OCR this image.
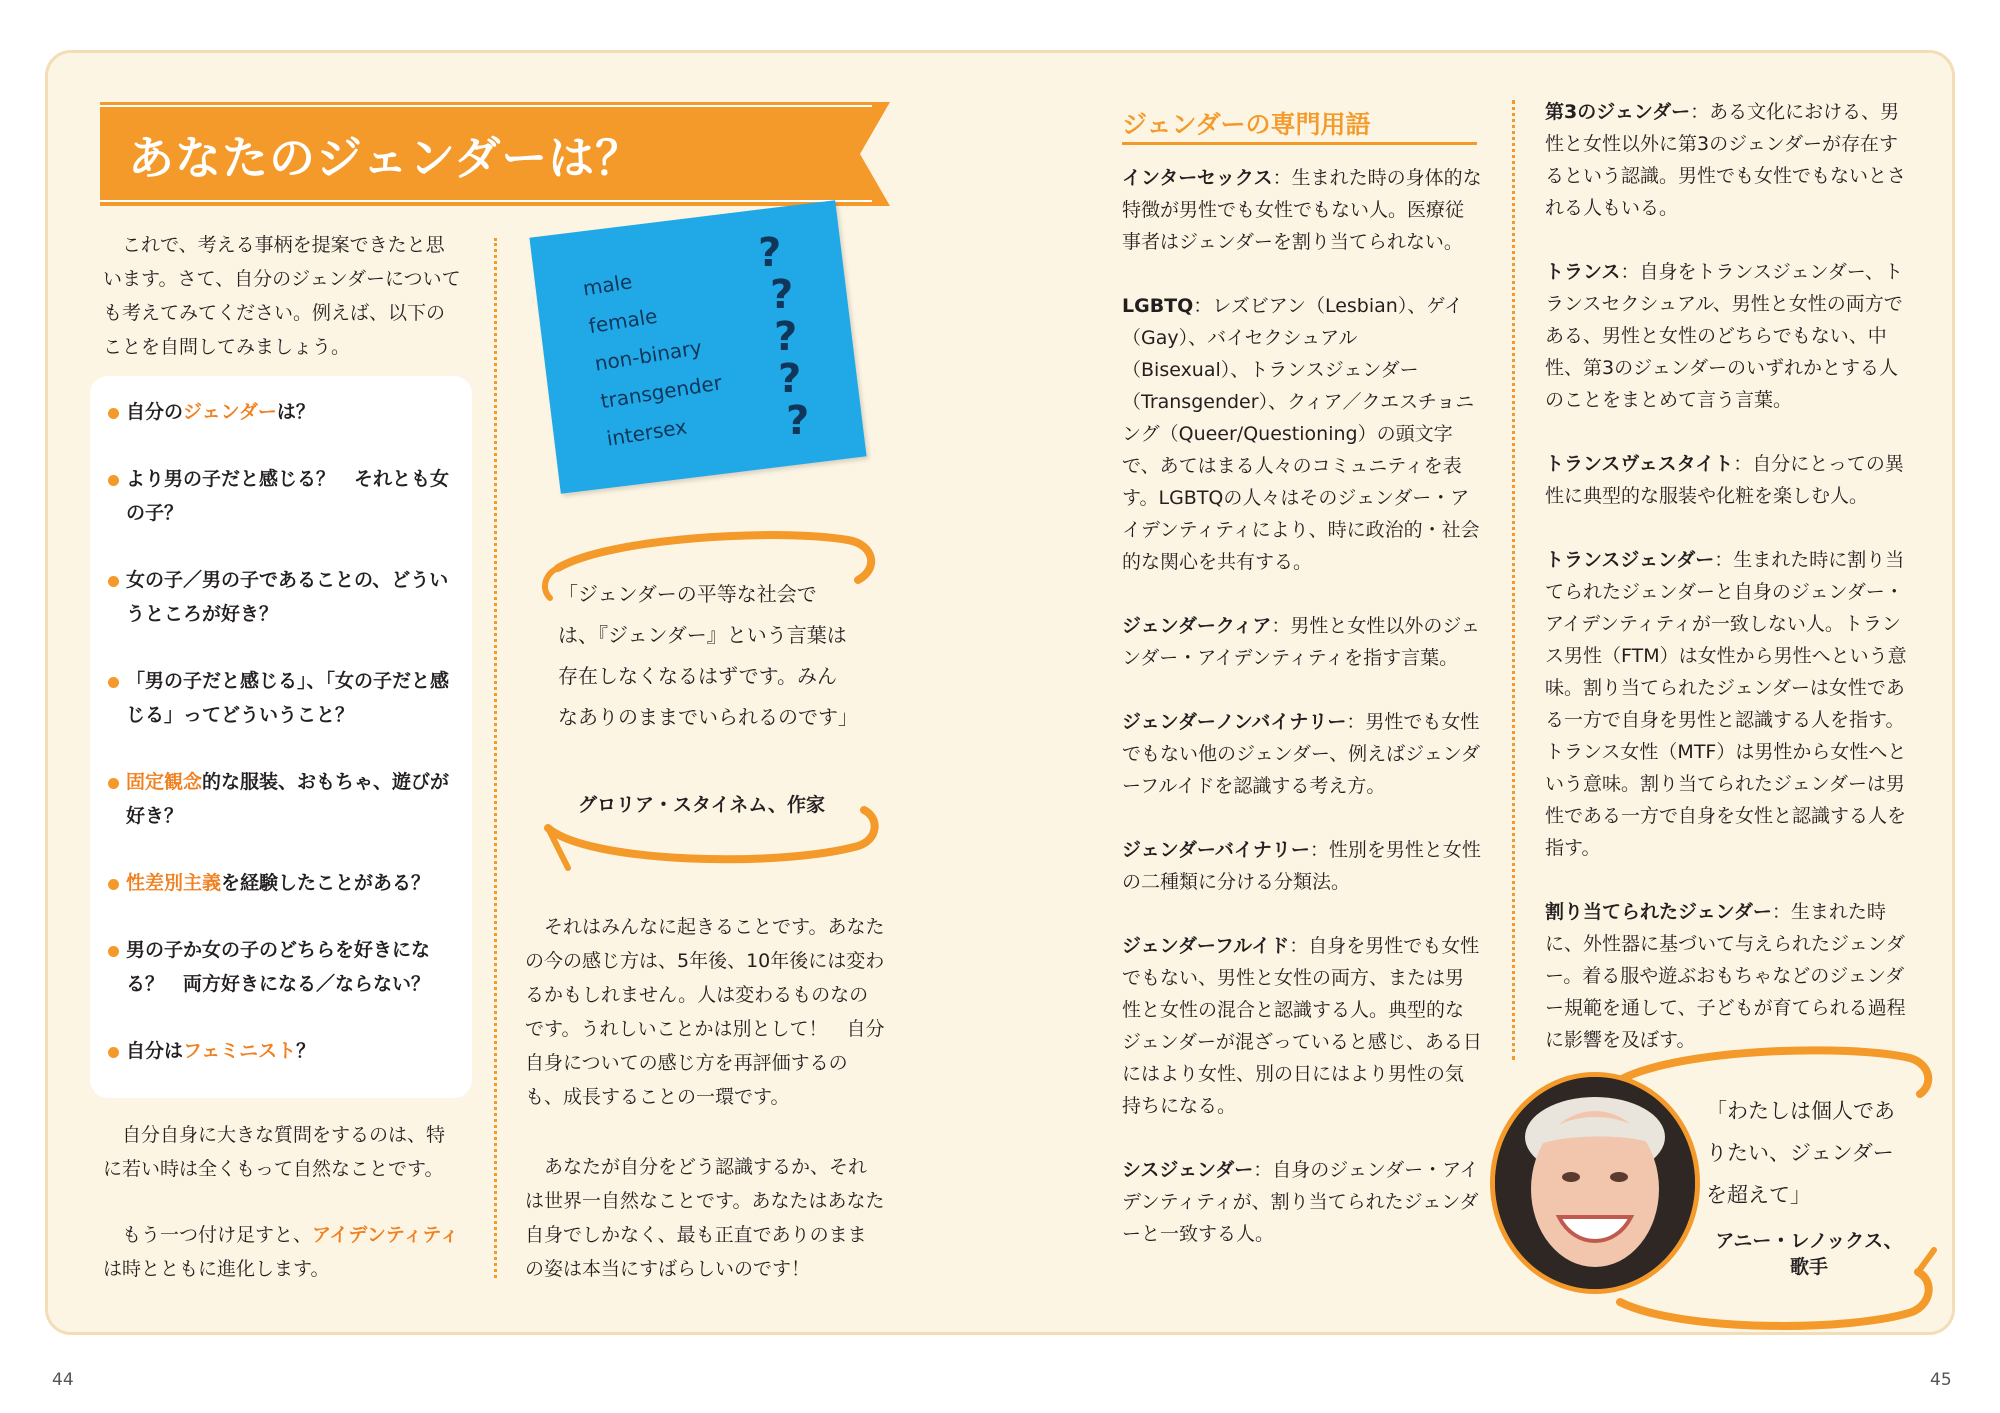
あなたのジェンダーは？
これで、考える事柄を提案できたと思います。さて、自分のジェンダーについても考えてみてください。例えば、以下のことを自問してみましょう。
自分のジェンダーは？
より男の子だと感じる？　それとも女の子？
女の子／男の子であることの、どういうところが好き？
「男の子だと感じる」、「女の子だと感じる」ってどういうこと？
固定観念的な服装、おもちゃ、遊びが好き？
性差別主義を経験したことがある？
男の子か女の子のどちらを好きになる？　両方好きになる／ならない？
自分はフェミニスト？
自分自身に大きな質問をするのは、特に若い時は全くもって自然なことです。
もう一つ付け足すと、アイデンティティは時とともに進化します。
male
female
non-binary
transgender
intersex
?
?
?
?
?
「ジェンダーの平等な社会では、『ジェンダー』という言葉は存在しなくなるはずです。みんなありのままでいられるのです」
グロリア・スタイネム、作家
それはみんなに起きることです。あなたの今の感じ方は、5年後、10年後には変わるかもしれません。人は変わるものなのです。うれしいことかは別として！　自分自身についての感じ方を再評価するのも、成長することの一環です。
あなたが自分をどう認識するか、それは世界一自然なことです。あなたはあなた自身でしかなく、最も正直でありのままの姿は本当にすばらしいのです！
44
ジェンダーの専門用語
インターセックス：生まれた時の身体的な特徴が男性でも女性でもない人。医療従事者はジェンダーを割り当てられない。
LGBTQ：レズビアン（Lesbian）、ゲイ（Gay）、バイセクシュアル（Bisexual）、トランスジェンダー（Transgender）、クィア／クエスチョニング（Queer/Questioning）の頭文字で、あてはまる人々のコミュニティを表す。LGBTQの人々はそのジェンダー・アイデンティティにより、時に政治的・社会的な関心を共有する。
ジェンダークィア：男性と女性以外のジェンダー・アイデンティティを指す言葉。
ジェンダーノンバイナリー：男性でも女性でもない他のジェンダー、例えばジェンダーフルイドを認識する考え方。
ジェンダーバイナリー：性別を男性と女性の二種類に分ける分類法。
ジェンダーフルイド：自身を男性でも女性でもない、男性と女性の両方、または男性と女性の混合と認識する人。典型的なジェンダーが混ざっていると感じ、ある日にはより女性、別の日にはより男性の気持ちになる。
シスジェンダー：自身のジェンダー・アイデンティティが、割り当てられたジェンダーと一致する人。
第3のジェンダー：ある文化における、男性と女性以外に第3のジェンダーが存在するという認識。男性でも女性でもないとされる人もいる。
トランス：自身をトランスジェンダー、トランスセクシュアル、男性と女性の両方である、男性と女性のどちらでもない、中性、第3のジェンダーのいずれかとする人のことをまとめて言う言葉。
トランスヴェスタイト：自分にとっての異性に典型的な服装や化粧を楽しむ人。
トランスジェンダー：生まれた時に割り当てられたジェンダーと自身のジェンダー・アイデンティティが一致しない人。トランス男性（FTM）は女性から男性へという意味。割り当てられたジェンダーは女性である一方で自身を男性と認識する人を指す。トランス女性（MTF）は男性から女性へという意味。割り当てられたジェンダーは男性である一方で自身を女性と認識する人を指す。
割り当てられたジェンダー：生まれた時に、外性器に基づいて与えられたジェンダー。着る服や遊ぶおもちゃなどのジェンダー規範を通して、子どもが育てられる過程に影響を及ぼす。
「わたしは個人でありたい、ジェンダーを超えて」
アニー・レノックス、歌手
45
